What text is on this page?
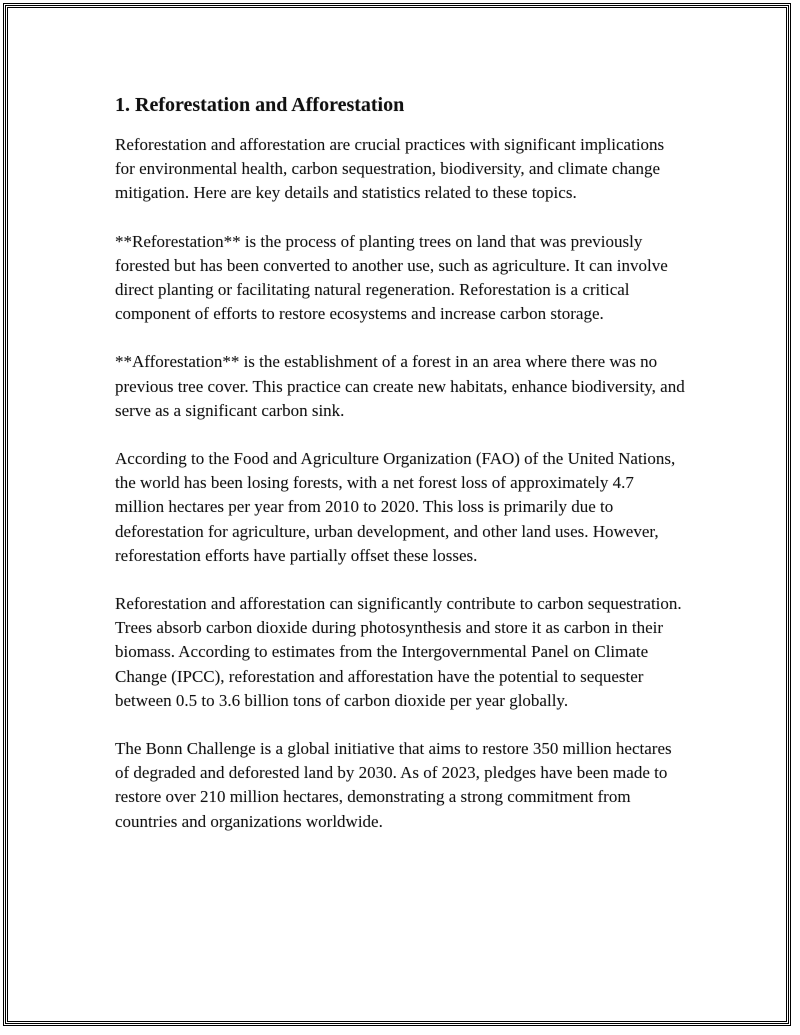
1. Reforestation and Afforestation

Reforestation and afforestation are crucial practices with significant implications for environmental health, carbon sequestration, biodiversity, and climate change mitigation. Here are key details and statistics related to these topics.

**Reforestation** is the process of planting trees on land that was previously forested but has been converted to another use, such as agriculture. It can involve direct planting or facilitating natural regeneration. Reforestation is a critical component of efforts to restore ecosystems and increase carbon storage.

**Afforestation** is the establishment of a forest in an area where there was no previous tree cover. This practice can create new habitats, enhance biodiversity, and serve as a significant carbon sink.

According to the Food and Agriculture Organization (FAO) of the United Nations, the world has been losing forests, with a net forest loss of approximately 4.7 million hectares per year from 2010 to 2020. This loss is primarily due to deforestation for agriculture, urban development, and other land uses. However, reforestation efforts have partially offset these losses.

Reforestation and afforestation can significantly contribute to carbon sequestration. Trees absorb carbon dioxide during photosynthesis and store it as carbon in their biomass. According to estimates from the Intergovernmental Panel on Climate Change (IPCC), reforestation and afforestation have the potential to sequester between 0.5 to 3.6 billion tons of carbon dioxide per year globally.

The Bonn Challenge is a global initiative that aims to restore 350 million hectares of degraded and deforested land by 2030. As of 2023, pledges have been made to restore over 210 million hectares, demonstrating a strong commitment from countries and organizations worldwide.
